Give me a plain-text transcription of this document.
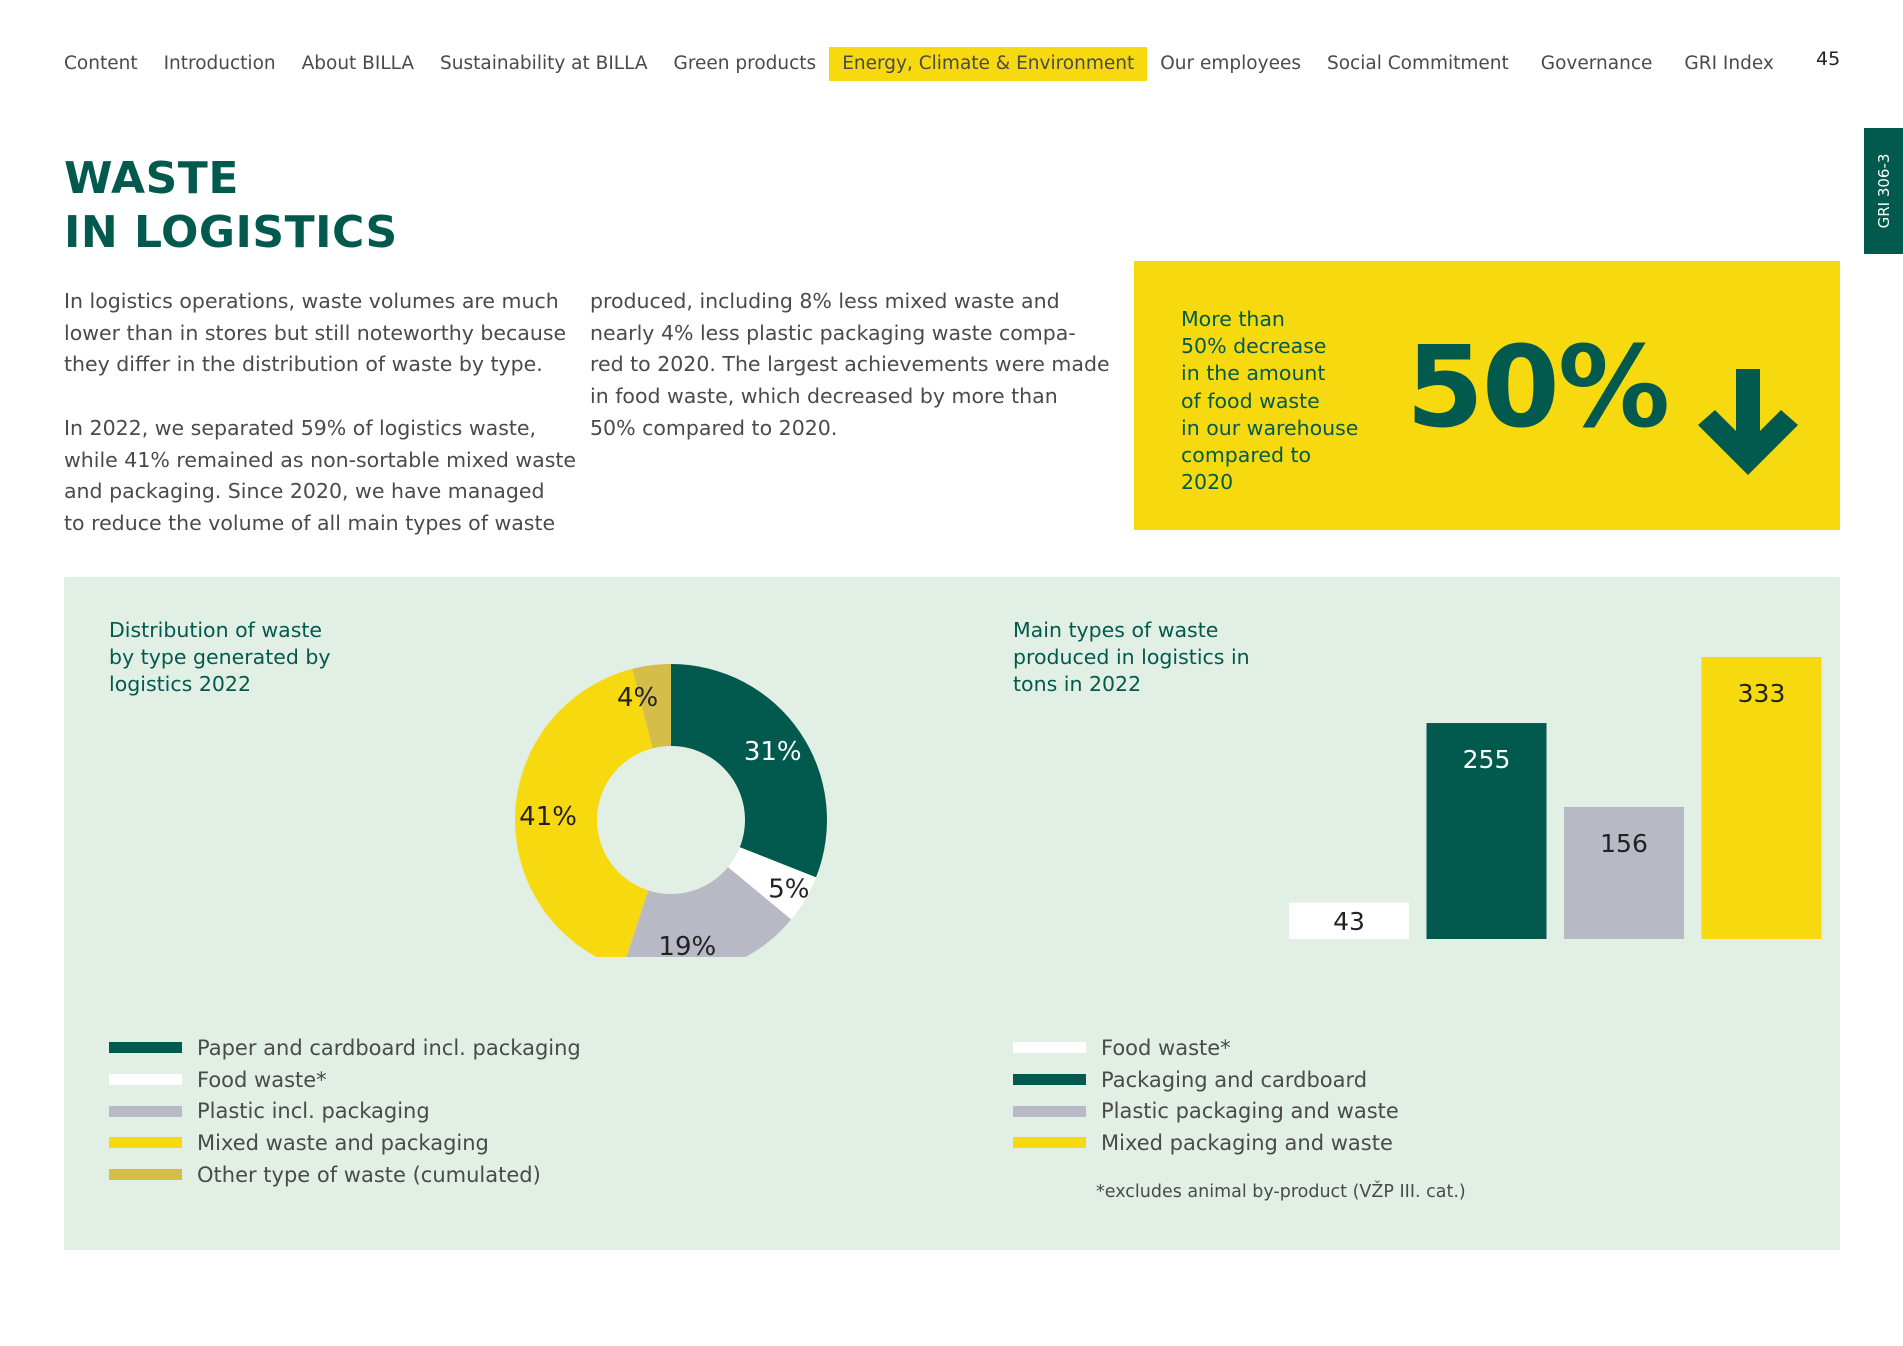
Content	Introduction	About BILLA	Sustainability at BILLA	Green products	Energy, Climate & Environment	Our employees	Social Commitment	Governance	GRI Index	45
GRI 306-3
WASTE
IN LOGISTICS

In logistics operations, waste volumes are much
lower than in stores but still noteworthy because
they differ in the distribution of waste by type.

In 2022, we separated 59% of logistics waste,
while 41% remained as non-sortable mixed waste
and packaging. Since 2020, we have managed
to reduce the volume of all main types of waste

produced, including 8% less mixed waste and
nearly 4% less plastic packaging waste compa-
red to 2020. The largest achievements were made
in food waste, which decreased by more than
50% compared to 2020.

More than
50% decrease
in the amount
of food waste
in our warehouse
compared to
2020
50%
Distribution of waste
by type generated by
logistics 2022
31%
5%
19%
41%
4%
Paper and cardboard incl. packaging
Food waste*
Plastic incl. packaging
Mixed waste and packaging
Other type of waste (cumulated)
Main types of waste
produced in logistics in
tons in 2022
43
255
156
333
Food waste*
Packaging and cardboard
Plastic packaging and waste
Mixed packaging and waste
*excludes animal by-product (VŽP III. cat.)
